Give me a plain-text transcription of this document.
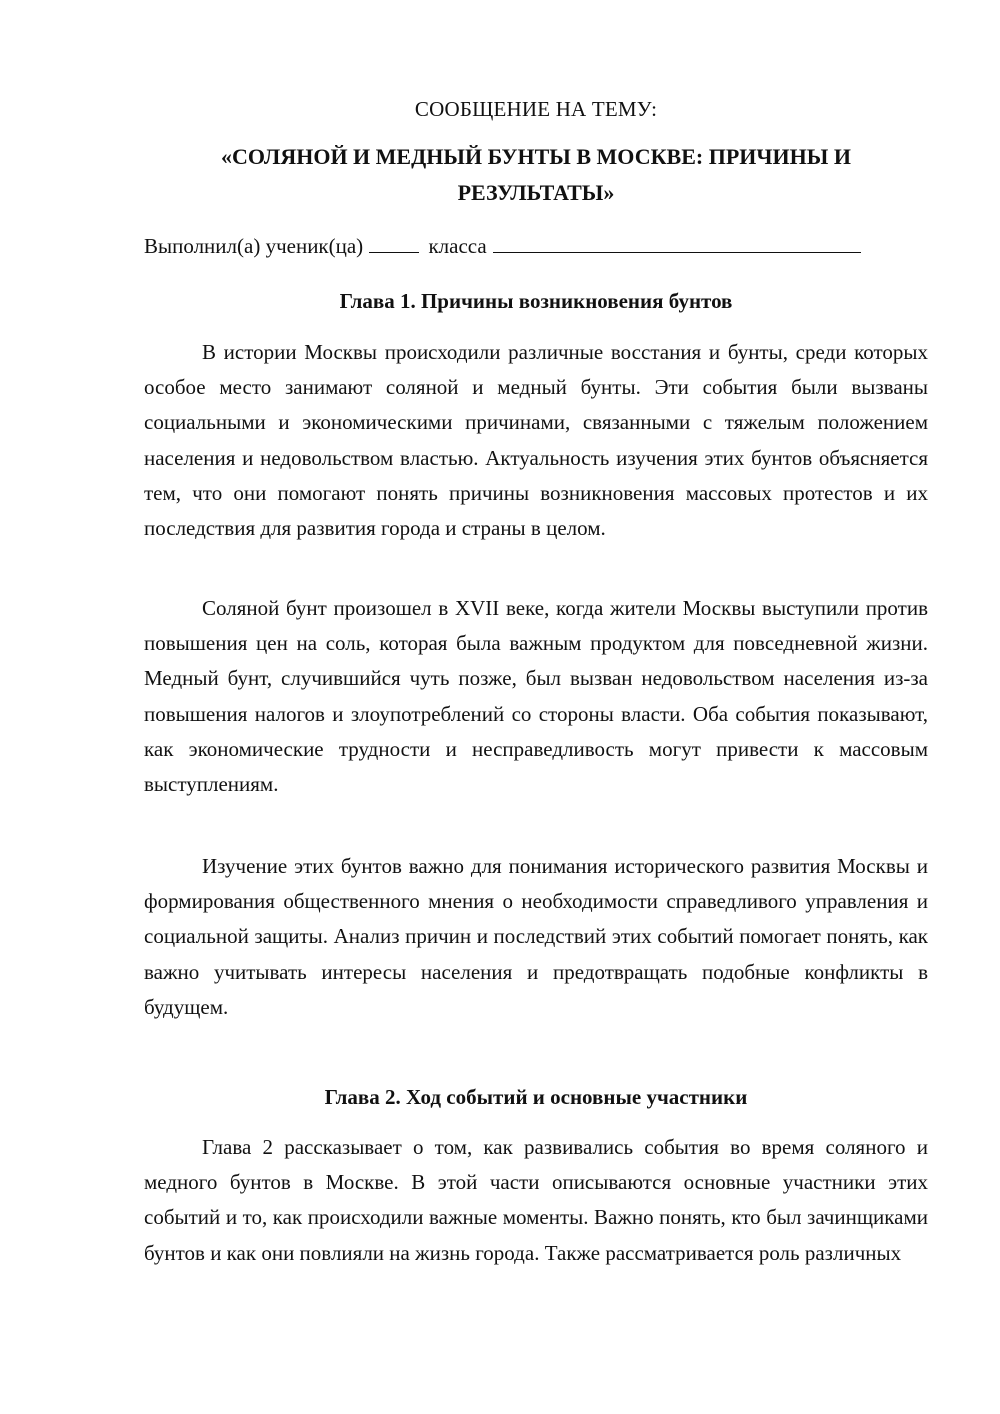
СООБЩЕНИЕ НА ТЕМУ:
«СОЛЯНОЙ И МЕДНЫЙ БУНТЫ В МОСКВЕ: ПРИЧИНЫ И РЕЗУЛЬТАТЫ»
Выполнил(а) ученик(ца)	класса
Глава 1. Причины возникновения бунтов

В истории Москвы происходили различные восстания и бунты, среди которых особое место занимают соляной и медный бунты. Эти события были вызваны социальными и экономическими причинами, связанными с тяжелым положением населения и недовольством властью. Актуальность изучения этих бунтов объясняется тем, что они помогают понять причины возникновения массовых протестов и их последствия для развития города и страны в целом.

Соляной бунт произошел в XVII веке, когда жители Москвы выступили против повышения цен на соль, которая была важным продуктом для повседневной жизни. Медный бунт, случившийся чуть позже, был вызван недовольством населения из-за повышения налогов и злоупотреблений со стороны власти. Оба события показывают, как экономические трудности и несправедливость могут привести к массовым выступлениям.

Изучение этих бунтов важно для понимания исторического развития Москвы и формирования общественного мнения о необходимости справедливого управления и социальной защиты. Анализ причин и последствий этих событий помогает понять, как важно учитывать интересы населения и предотвращать подобные конфликты в будущем.

Глава 2. Ход событий и основные участники

Глава 2 рассказывает о том, как развивались события во время соляного и медного бунтов в Москве. В этой части описываются основные участники этих событий и то, как происходили важные моменты. Важно понять, кто был зачинщиками бунтов и как они повлияли на жизнь города. Также рассматривается роль различных
